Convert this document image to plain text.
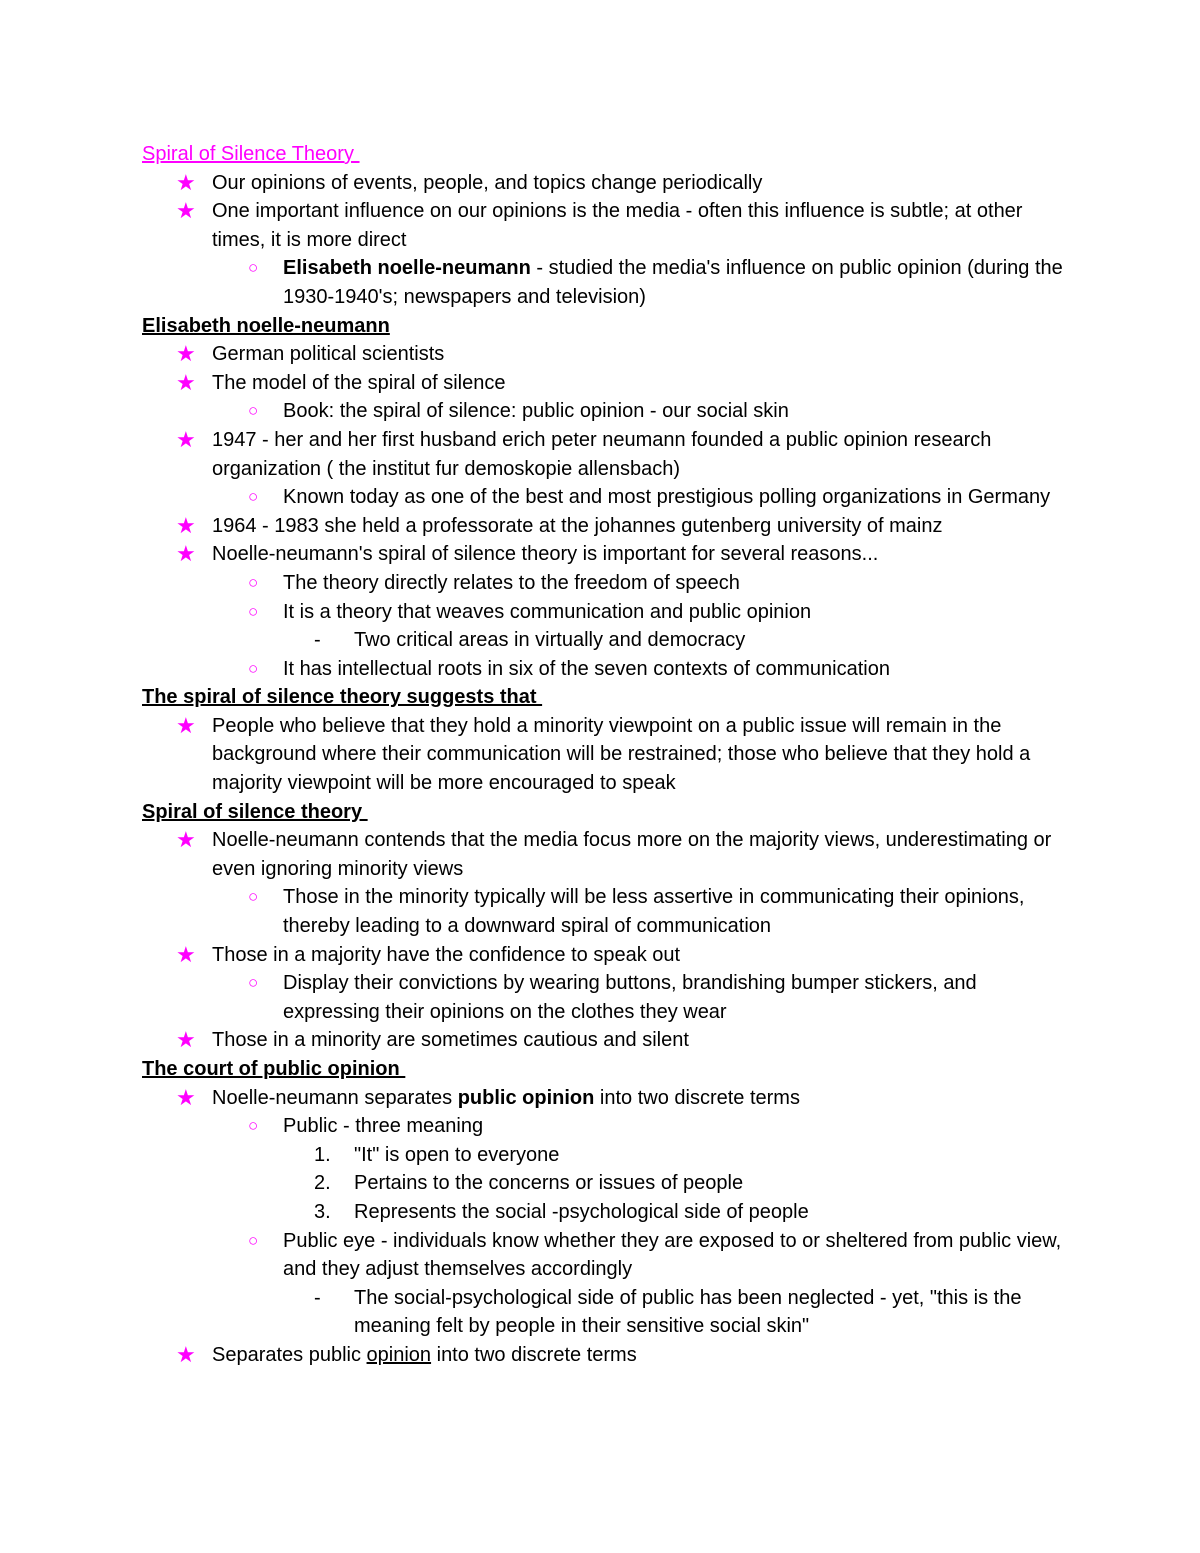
Spiral of Silence Theory
★ Our opinions of events, people, and topics change periodically
★ One important influence on our opinions is the media - often this influence is subtle; at other times, it is more direct
○ Elisabeth noelle-neumann - studied the media's influence on public opinion (during the 1930-1940's; newspapers and television)
Elisabeth noelle-neumann
★ German political scientists
★ The model of the spiral of silence
○ Book: the spiral of silence: public opinion - our social skin
★ 1947 - her and her first husband erich peter neumann founded a public opinion research organization ( the institut fur demoskopie allensbach)
○ Known today as one of the best and most prestigious polling organizations in Germany
★ 1964 - 1983 she held a professorate at the johannes gutenberg university of mainz
★ Noelle-neumann's spiral of silence theory is important for several reasons...
○ The theory directly relates to the freedom of speech
○ It is a theory that weaves communication and public opinion
- Two critical areas in virtually and democracy
○ It has intellectual roots in six of the seven contexts of communication
The spiral of silence theory suggests that
★ People who believe that they hold a minority viewpoint on a public issue will remain in the background where their communication will be restrained; those who believe that they hold a majority viewpoint will be more encouraged to speak
Spiral of silence theory
★ Noelle-neumann contends that the media focus more on the majority views, underestimating or even ignoring minority views
○ Those in the minority typically will be less assertive in communicating their opinions, thereby leading to a downward spiral of communication
★ Those in a majority have the confidence to speak out
○ Display their convictions by wearing buttons, brandishing bumper stickers, and expressing their opinions on the clothes they wear
★ Those in a minority are sometimes cautious and silent
The court of public opinion
★ Noelle-neumann separates public opinion into two discrete terms
○ Public - three meaning
1. "It" is open to everyone
2. Pertains to the concerns or issues of people
3. Represents the social -psychological side of people
○ Public eye - individuals know whether they are exposed to or sheltered from public view, and they adjust themselves accordingly
- The social-psychological side of public has been neglected - yet, "this is the meaning felt by people in their sensitive social skin"
★ Separates public opinion into two discrete terms
